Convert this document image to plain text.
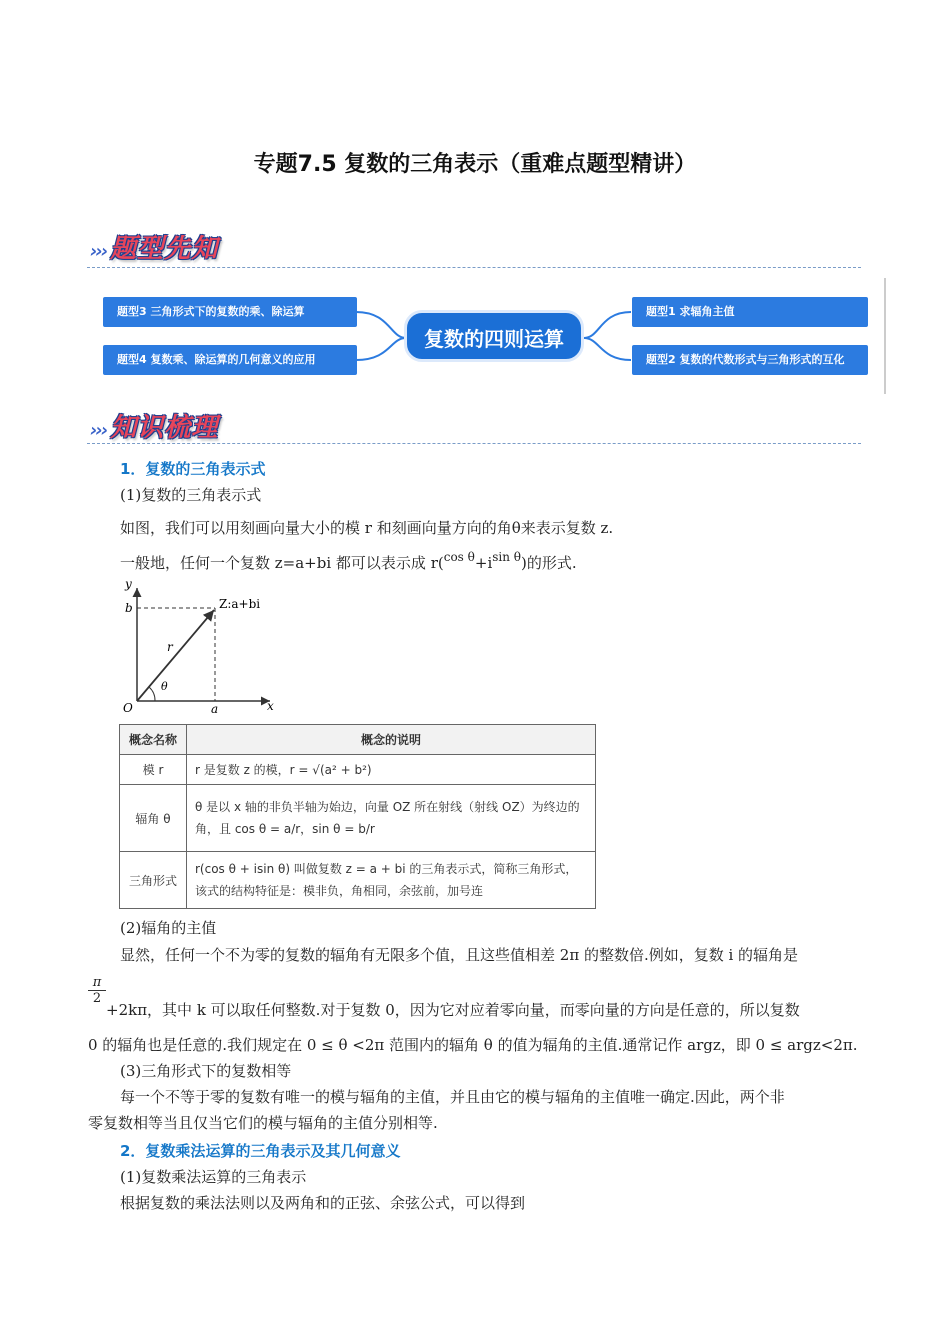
专题7.5 复数的三角表示（重难点题型精讲）
››› 题型先知
题型3 三角形式下的复数的乘、除运算
题型4 复数乘、除运算的几何意义的应用
复数的四则运算
题型1 求辐角主值
题型2 复数的代数形式与三角形式的互化
››› 知识梳理
1．复数的三角表示式
(1)复数的三角表示式
如图，我们可以用刻画向量大小的模 r 和刻画向量方向的角θ来表示复数 z.
一般地，任何一个复数 z=a+bi 都可以表示成 $r(^{cos \theta}+i^{sin \theta})$的形式.
y
x
O
b
a
Z:a+bi
r
θ
概念名称	概念的说明
模 r	r 是复数 z 的模，r = √(a² + b²)
辐角 θ	θ 是以 x 轴的非负半轴为始边，向量 OZ 所在射线（射线 OZ）为终边的角，且 cos θ = a/r，sin θ = b/r
三角形式	r(cos θ + isin θ) 叫做复数 z = a + bi 的三角表示式，简称三角形式，该式的结构特征是：模非负，角相同，余弦前，加号连
(2)辐角的主值
显然，任何一个不为零的复数的辐角有无限多个值，且这些值相差 2π 的整数倍.例如，复数 i 的辐角是
$\frac{\pi}{2}$
+2kπ，其中 k 可以取任何整数.对于复数 0，因为它对应着零向量，而零向量的方向是任意的，所以复数
0 的辐角也是任意的.我们规定在 0 ≤ θ <2π 范围内的辐角 θ 的值为辐角的主值.通常记作 argz，即 0 ≤ argz<2π.
(3)三角形式下的复数相等
每一个不等于零的复数有唯一的模与辐角的主值，并且由它的模与辐角的主值唯一确定.因此，两个非
零复数相等当且仅当它们的模与辐角的主值分别相等.
2．复数乘法运算的三角表示及其几何意义
(1)复数乘法运算的三角表示
根据复数的乘法法则以及两角和的正弦、余弦公式，可以得到
